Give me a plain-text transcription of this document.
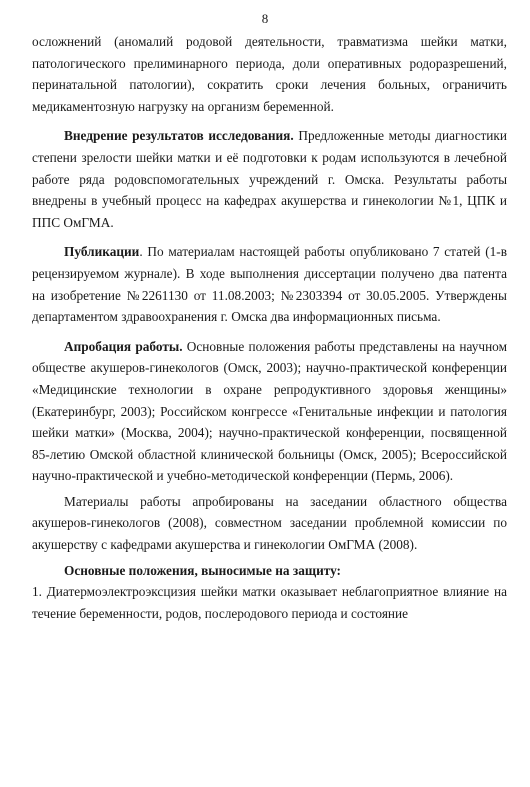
8

осложнений (аномалий родовой деятельности, травматизма шейки матки, патологического прелиминарного периода, доли оперативных родоразрешений, перинатальной патологии), сократить сроки лечения больных, ограничить медикаментозную нагрузку на организм беременной.

Внедрение результатов исследования. Предложенные методы диагностики степени зрелости шейки матки и её подготовки к родам используются в лечебной работе ряда родовспомогательных учреждений г. Омска. Результаты работы внедрены в учебный процесс на кафедрах акушерства и гинекологии №1, ЦПК и ППС ОмГМА.

Публикации. По материалам настоящей работы опубликовано 7 статей (1-в рецензируемом журнале). В ходе выполнения диссертации получено два патента на изобретение №2261130 от 11.08.2003; №2303394 от 30.05.2005. Утверждены департаментом здравоохранения г. Омска два информационных письма.

Апробация работы. Основные положения работы представлены на научном обществе акушеров-гинекологов (Омск, 2003); научно-практической конференции «Медицинские технологии в охране репродуктивного здоровья женщины» (Екатеринбург, 2003); Российском конгрессе «Генитальные инфекции и патология шейки матки» (Москва, 2004); научно-практической конференции, посвященной 85-летию Омской областной клинической больницы (Омск, 2005); Всероссийской научно-практической и учебно-методической конференции (Пермь, 2006).

Материалы работы апробированы на заседании областного общества акушеров-гинекологов (2008), совместном заседании проблемной комиссии по акушерству с кафедрами акушерства и гинекологии ОмГМА (2008).

Основные положения, выносимые на защиту:

1. Диатермоэлектроэксцизия шейки матки оказывает неблагоприятное влияние на течение беременности, родов, послеродового периода и состояние
